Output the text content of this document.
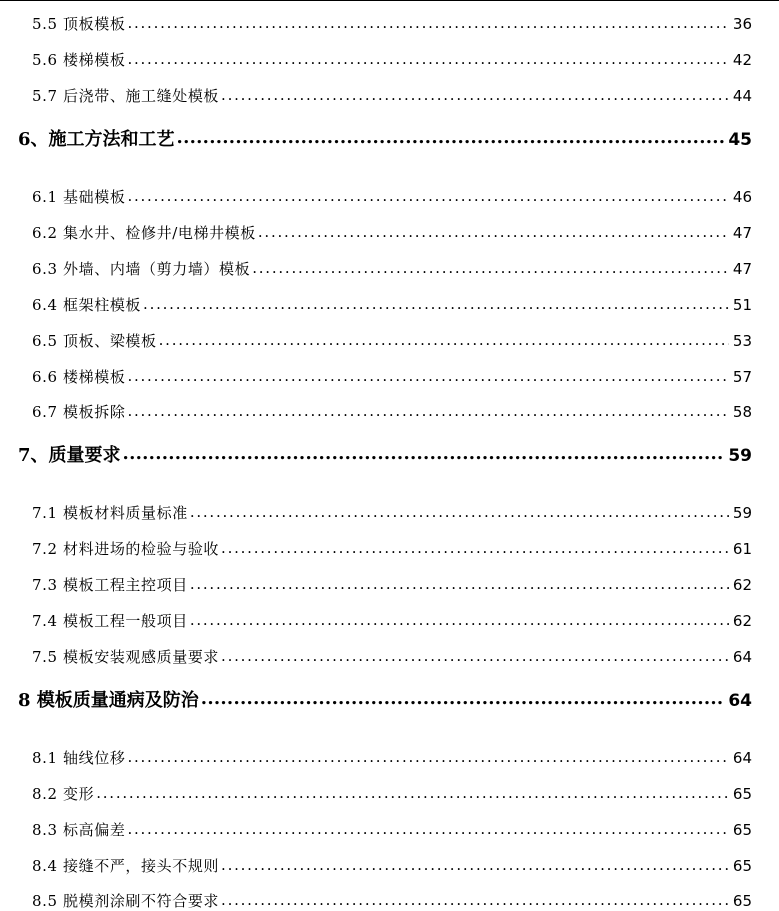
5.5 顶板模板 . . .	36
5.6 楼梯模板 . . .	42
5.7 后浇带、施工缝处模板 . . .	44
6、施工方法和工艺 . . .	45
6.1 基础模板 . . .	46
6.2 集水井、检修井/电梯井模板 . . .	47
6.3 外墙、内墙（剪力墙）模板 . . .	47
6.4 框架柱模板 . . .	51
6.5 顶板、梁模板 . . .	53
6.6 楼梯模板 . . .	57
6.7 模板拆除 . . .	58
7、质量要求 . . .	59
7.1 模板材料质量标准 . . .	59
7.2 材料进场的检验与验收 . . .	61
7.3 模板工程主控项目 . . .	62
7.4 模板工程一般项目 . . .	62
7.5 模板安装观感质量要求 . . .	64
8 模板质量通病及防治 . . .	64
8.1 轴线位移 . . .	64
8.2 变形 . . .	65
8.3 标高偏差 . . .	65
8.4 接缝不严，接头不规则 . . .	65
8.5 脱模剂涂刷不符合要求 . . .	65
